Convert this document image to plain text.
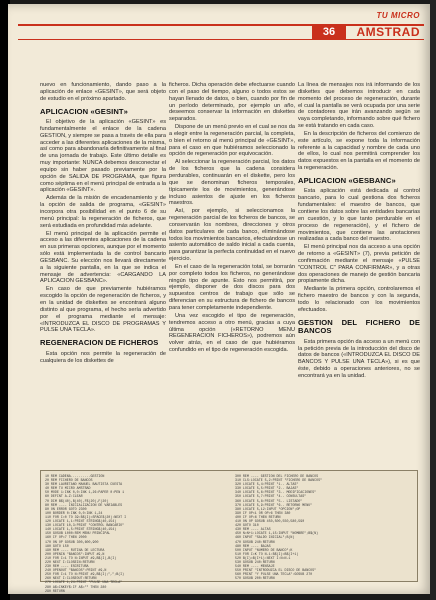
TU MICRO
36	AMSTRAD

nuevo en funcionamiento, dando paso a la aplicación de enlace «GESINT», que será objeto de estudio en el próximo apartado.

APLICACION «GESINT»

El objetivo de la aplicación «GESINT» es fundamentalmente el enlace de la cadena GESTION, y siempre se pasa a través de ella para acceder a las diferentes aplicaciones de la misma, así como para abandonarla definitivamente al final de una jornada de trabajo. Este último detalle es muy importante: NUNCA debemos desconectar el equipo sin haber pasado previamente por la opción de SALIDA DE PROGRAMA, que figura como séptima en el menú principal de entrada a la aplicación «GESINT».

Además de la misión de encadenamiento y de la opción de salida de programa, «GESINT» incorpora otra posibilidad en el punto 6 de su menú principal: la regeneración de ficheros, que será estudiada en profundidad más adelante.

El menú principal de la aplicación permite el acceso a las diferentes aplicaciones de la cadena en sus primeras opciones, aunque por el momento sólo está implementada la de control bancario GESBANC. Su elección nos llevará directamente a la siguiente pantalla, en la que se indica el mensaje de advertencia: «CARGANDO LA APLICACION GESBANC».

En caso de que previamente hubiéramos escogido la opción de regeneración de ficheros, y en la unidad de diskettes se encontrará alguno distinto al que programa, el hecho sería advertido por el programa mediante el mensaje: «INTRODUZCA EL DISCO DE PROGRAMAS Y PULSE UNA TECLA».

REGENERACION DE FICHEROS

Esta opción nos permite la regeneración de cualquiera de los diskettes de

ficheros. Dicha operación debe efectuarse cuando con el paso del tiempo, alguno o todos estos se hayan llenado de datos, o bien, cuando por fin de un período determinado, por ejemplo un año, deseemos conservar la información en diskettes separados.

Dispone de un menú previo en el cual se nos da a elegir entre la regeneración parcial, la completa, o bien el retorno al menú principal de «GESINT», para el caso en que hubiéramos seleccionado la opción de regeneración por equivocación.

Al seleccionar la regeneración parcial, los datos de los ficheros que la cadena considera perdurables, continuarán en el diskette, pero los que se denominan ficheros temporales, típicamente los de movimientos, generándose incluso asientos de ajuste en los ficheros maestros.

Así, por ejemplo, si seleccionamos la regeneración parcial de los ficheros de bancos, se conservarán los nombres, direcciones y otros datos particulares de cada banco, eliminándose todos los movimientos bancarios, efectuándose un asiento automático de saldo inicial a cada cuenta, para garantizar la perfecta continuidad en el nuevo ejercicio.

En el caso de la regeneración total, se borrarán por completo todos los ficheros, no generándose ningún tipo de apunte. Esto nos permitirá, por ejemplo, disponer de dos discos para dos supuestos centros de trabajo que sólo se diferencian en su estructura de fichero de bancos para tener completamente independiente.

Una vez escogido el tipo de regeneración, tendremos acceso a otro menú, gracias a cuya última opción («RETORNO MENU REGENERACION FICHEROS»), podremos aún volver atrás, en el caso de que hubiéramos confundido en el tipo de regeneración escogida.

La línea de mensajes nos irá informando de los diskettes que debemos introducir en cada momento del proceso de regeneración, durante el cual la pantalla se verá ocupada por una serie de contadores que irán avanzando según se vaya completando, informando sobre qué fichero se está tratando en cada caso.

En la descripción de ficheros del comienzo de este artículo, se expone toda la información referente a la capacidad y nombre de cada uno de ellos, lo cual nos permitirá comprender los datos expuestos en la pantalla en el momento de la regeneración.

APLICACION «GESBANC»

Esta aplicación está dedicada al control bancario, para lo cual gestiona dos ficheros fundamentales: el maestro de bancos, que contiene los datos sobre las entidades bancarias en cuestión, y lo que tanto perdurable en el proceso de regeneración), y el fichero de movimientos, que contiene las anotaciones realizadas a cada banco del maestro.

El menú principal nos da acceso a una opción de retorno a «GESINT» (7), previa petición de confirmación mediante el mensaje «PULSE "CONTROL C" PARA CONFIRMAR», y a otras dos operaciones de manejo de gestión bancaria propiamente dicha.

Mediante la primera opción, controlaremos el fichero maestro de bancos y con la segunda, todo lo relacionado con los movimientos efectuados.

GESTION DEL FICHERO DE BANCOS

Esta primera opción da acceso a un menú con la petición previa de la introducción del disco de datos de bancos («INTRODUZCA EL DISCO DE BANCOS Y PULSE UNA TECLA»), si es que éste, debido a operaciones anteriores, no se encontrará ya en la unidad.

10 REM CADENA..........GESTION
20 REM FICHERO DE BANCOS
30 REM LAURETANO MANUEL BAUTISTA CUESTA
40 REM TU MICRO AMSTRAD
50 MODE 1:INK 0,0:INK 1,26:PAPER 0:PEN 1
60 DEFINT A-Z:CLEAR
70 DIM B$(40),B(40),F$(20),F(20)
80 REM ---- INICIALIZACION DE VARIABLES
90 ON ERROR GOTO 2300
100 BORDER 0:INK 0,0:INK 1,24
110 FOR I=0 TO 39:B$(I)=SPACE$(20):NEXT I
120 LOCATE 1,1:PRINT STRING$(40,154)
130 LOCATE 10,3:PRINT "CONTROL BANCARIO"
140 LOCATE 1,5:PRINT STRING$(40,154)
150 GOSUB 1000:REM MENU PRINCIPAL
160 IF OP=7 THEN 2000
170 ON OP GOSUB 300,600,900
180 GOTO 150
190 REM ---- RUTINA DE LECTURA
200 OPENIN "BANCOS":INPUT #9,N
210 FOR I=1 TO N:INPUT #9,B$(I),B(I)
220 NEXT I:CLOSEIN:RETURN
230 REM ---- ESCRITURA
240 OPENOUT "BANCOS":PRINT #9,N
250 FOR I=1 TO N:PRINT #9,B$(I);",";B(I)
260 NEXT I:CLOSEOUT:RETURN
270 LOCATE 1,24:PRINT "PULSE UNA TECLA"
280 A$=INKEY$:IF A$="" THEN 280
290 RETURN
300 REM ---- GESTION DEL FICHERO DE BANCOS
310 CLS:LOCATE 5,2:PRINT "FICHERO DE BANCOS"
320 LOCATE 5,4:PRINT "1.- ALTAS"
330 LOCATE 5,5:PRINT "2.- BAJAS"
340 LOCATE 5,6:PRINT "3.- MODIFICACIONES"
350 LOCATE 5,7:PRINT "4.- CONSULTAS"
360 LOCATE 5,8:PRINT "5.- LISTADO"
370 LOCATE 5,9:PRINT "6.- RETORNO MENU"
380 LOCATE 5,12:INPUT "OPCION";OP
390 IF OP<1 OR OP>6 THEN 380
400 IF OP=6 THEN RETURN
410 ON OP GOSUB 450,500,550,580,590
420 GOTO 310
430 REM ---- ALTAS
450 N=N+1:LOCATE 1,15:INPUT "NOMBRE";B$(N)
460 INPUT "SALDO INICIAL";B(N)
470 GOSUB 240:RETURN
480 REM ---- BAJAS
500 INPUT "NUMERO DE BANCO";K
510 FOR I=K TO N-1:B$(I)=B$(I+1)
520 B(I)=B(I+1):NEXT I:N=N-1
530 GOSUB 240:RETURN
540 REM ---- MENSAJE
550 PRINT "INTRODUZCA EL DISCO DE BANCOS"
560 PRINT "Y PULSE UNA TECLA":GOSUB 270
570 GOSUB 200:RETURN
